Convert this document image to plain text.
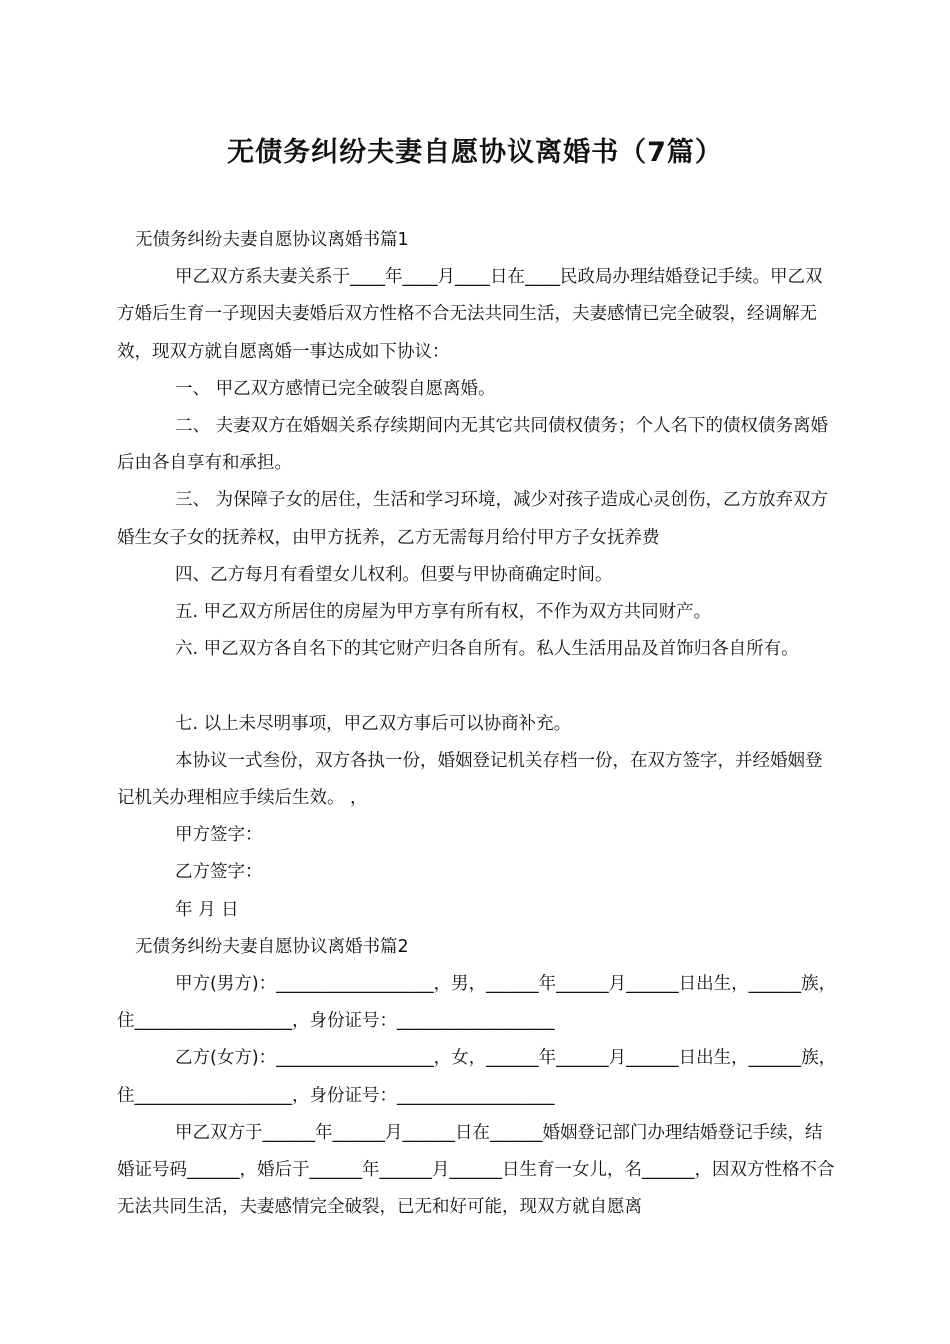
无债务纠纷夫妻自愿协议离婚书（7篇）

无债务纠纷夫妻自愿协议离婚书篇1

甲乙双方系夫妻关系于____年____月____日在____民政局办理结婚登记手续。甲乙双方婚后生育一子现因夫妻婚后双方性格不合无法共同生活，夫妻感情已完全破裂，经调解无效，现双方就自愿离婚一事达成如下协议：

一、 甲乙双方感情已完全破裂自愿离婚。

二、 夫妻双方在婚姻关系存续期间内无其它共同债权债务；个人名下的债权债务离婚后由各自享有和承担。

三、 为保障子女的居住，生活和学习环境，减少对孩子造成心灵创伤，乙方放弃双方婚生女子女的抚养权，由甲方抚养，乙方无需每月给付甲方子女抚养费

四、乙方每月有看望女儿权利。但要与甲协商确定时间。

五. 甲乙双方所居住的房屋为甲方享有所有权，不作为双方共同财产。

六. 甲乙双方各自名下的其它财产归各自所有。私人生活用品及首饰归各自所有。

七. 以上未尽明事项，甲乙双方事后可以协商补充。

本协议一式叁份，双方各执一份，婚姻登记机关存档一份，在双方签字，并经婚姻登记机关办理相应手续后生效。 ，

甲方签字：

乙方签字：

年 月 日

无债务纠纷夫妻自愿协议离婚书篇2

甲方(男方)：__________________，男，______年______月______日出生，______族，住__________________，身份证号：__________________

乙方(女方)：__________________，女，______年______月______日出生，______族，住__________________，身份证号：__________________

甲乙双方于______年______月______日在______婚姻登记部门办理结婚登记手续，结婚证号码______，婚后于______年______月______日生育一女儿，名______，因双方性格不合无法共同生活，夫妻感情完全破裂，已无和好可能，现双方就自愿离
